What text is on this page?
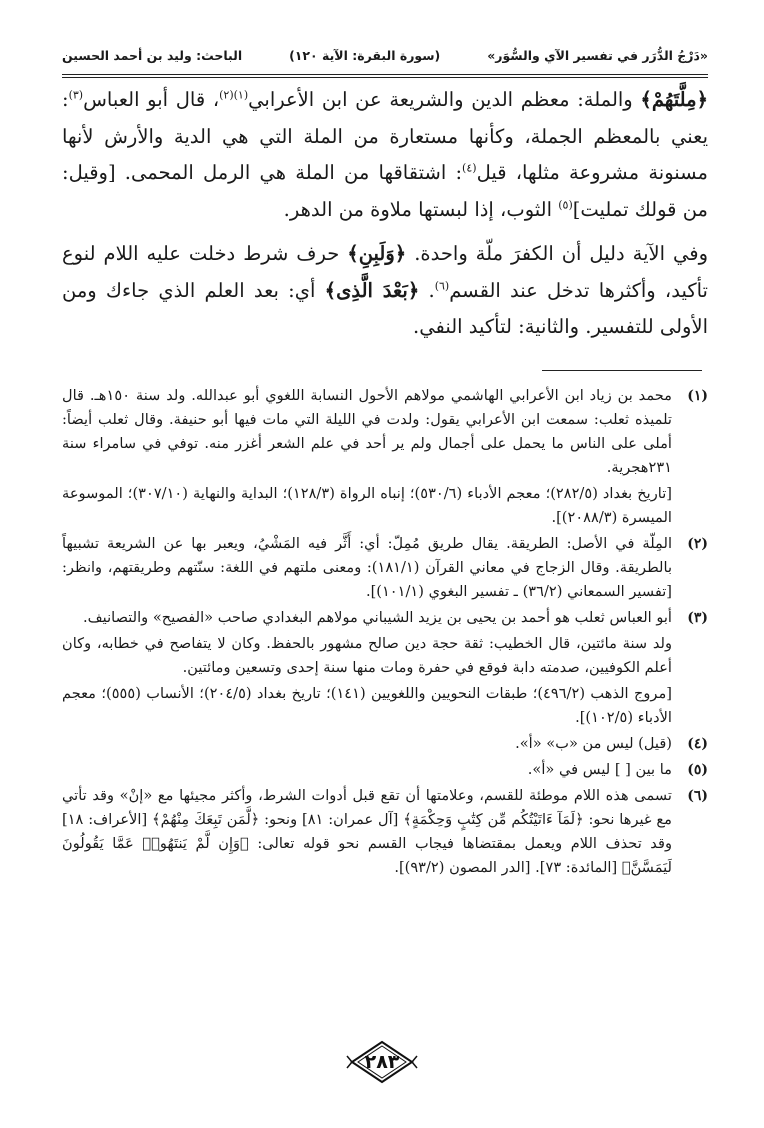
«دَرْجُ الدُّرَر في تفسير الآي والسُّوَر»
(سورة البقرة: الآية ١٢٠)
الباحث: وليد بن أحمد الحسين

﴿مِلَّتَهُمْ﴾ والملة: معظم الدين والشريعة عن ابن الأعرابي$^{(١)(٢)}$، قال أبو العباس$^{(٣)}$: يعني بالمعظم الجملة، وكأنها مستعارة من الملة التي هي الدية والأرش لأنها مسنونة مشروعة مثلها، قيل$^{(٤)}$: اشتقاقها من الملة هي الرمل المحمى. [وقيل: من قولك تمليت]$^{(٥)}$ الثوب، إذا لبستها ملاوة من الدهر.

وفي الآية دليل أن الكفرَ ملّة واحدة. ﴿وَلَبِنِ﴾ حرف شرط دخلت عليه اللام لنوع تأكيد، وأكثرها تدخل عند القسم$^{(٦)}$. ﴿بَعْدَ الَّذِى﴾ أي: بعد العلم الذي جاءك ومن الأولى للتفسير. والثانية: لتأكيد النفي.

(١)

محمد بن زياد ابن الأعرابي الهاشمي مولاهم الأحول النسابة اللغوي أبو عبدالله. ولد سنة ١٥٠هـ. قال تلميذه ثعلب: سمعت ابن الأعرابي يقول: ولدت في الليلة التي مات فيها أبو حنيفة. وقال ثعلب أيضاً: أملى على الناس ما يحمل على أجمال ولم ير أحد في علم الشعر أغزر منه. توفي في سامراء سنة ٢٣١هجرية.

[تاريخ بغداد (٢٨٢/٥)؛ معجم الأدباء (٥٣٠/٦)؛ إنباه الرواة (١٢٨/٣)؛ البداية والنهاية (٣٠٧/١٠)؛ الموسوعة الميسرة (٢٠٨٨/٣)].

(٢)

المِلّة في الأصل: الطريقة. يقال طريق مُمِلّ: أي: أَثَّر فيه المَشْيُ، ويعبر بها عن الشريعة تشبيهاً بالطريقة. وقال الزجاج في معاني القرآن (١٨١/١): ومعنى ملتهم في اللغة: سنّتهم وطريقتهم، وانظر: [تفسير السمعاني (٣٦/٢) ـ تفسير البغوي (١٠١/١)].

(٣)

أبو العباس ثعلب هو أحمد بن يحيى بن يزيد الشيباني مولاهم البغدادي صاحب «الفصيح» والتصانيف.

ولد سنة مائتين، قال الخطيب: ثقة حجة دين صالح مشهور بالحفظ. وكان لا يتفاصح في خطابه، وكان أعلم الكوفيين، صدمته دابة فوقع في حفرة ومات منها سنة إحدى وتسعين ومائتين.

[مروج الذهب (٤٩٦/٢)؛ طبقات النحويين واللغويين (١٤١)؛ تاريخ بغداد (٢٠٤/٥)؛ الأنساب (٥٥٥)؛ معجم الأدباء (١٠٢/٥)].

(٤)

(قيل) ليس من «ب» «أ».

(٥)

ما بين [ ] ليس في «أ».

(٦)

تسمى هذه اللام موطئة للقسم، وعلامتها أن تقع قبل أدوات الشرط، وأكثر مجيئها مع «إنْ» وقد تأتي مع غيرها نحو: ﴿لَمَآ ءَاتَيْتُكُم مِّن كِتَٰبٍ وَحِكْمَةٍ﴾ [آل عمران: ٨١] ونحو: ﴿لَّمَن تَبِعَكَ مِنْهُمْ﴾ [الأعراف: ١٨] وقد تحذف اللام ويعمل بمقتضاها فيجاب القسم نحو قوله تعالى: ﴿وَإِن لَّمْ يَنتَهُوا۟ عَمَّا يَقُولُونَ لَيَمَسَّنَّ﴾ [المائدة: ٧٣]. [الدر المصون (٩٣/٢)].

٢٨٣
